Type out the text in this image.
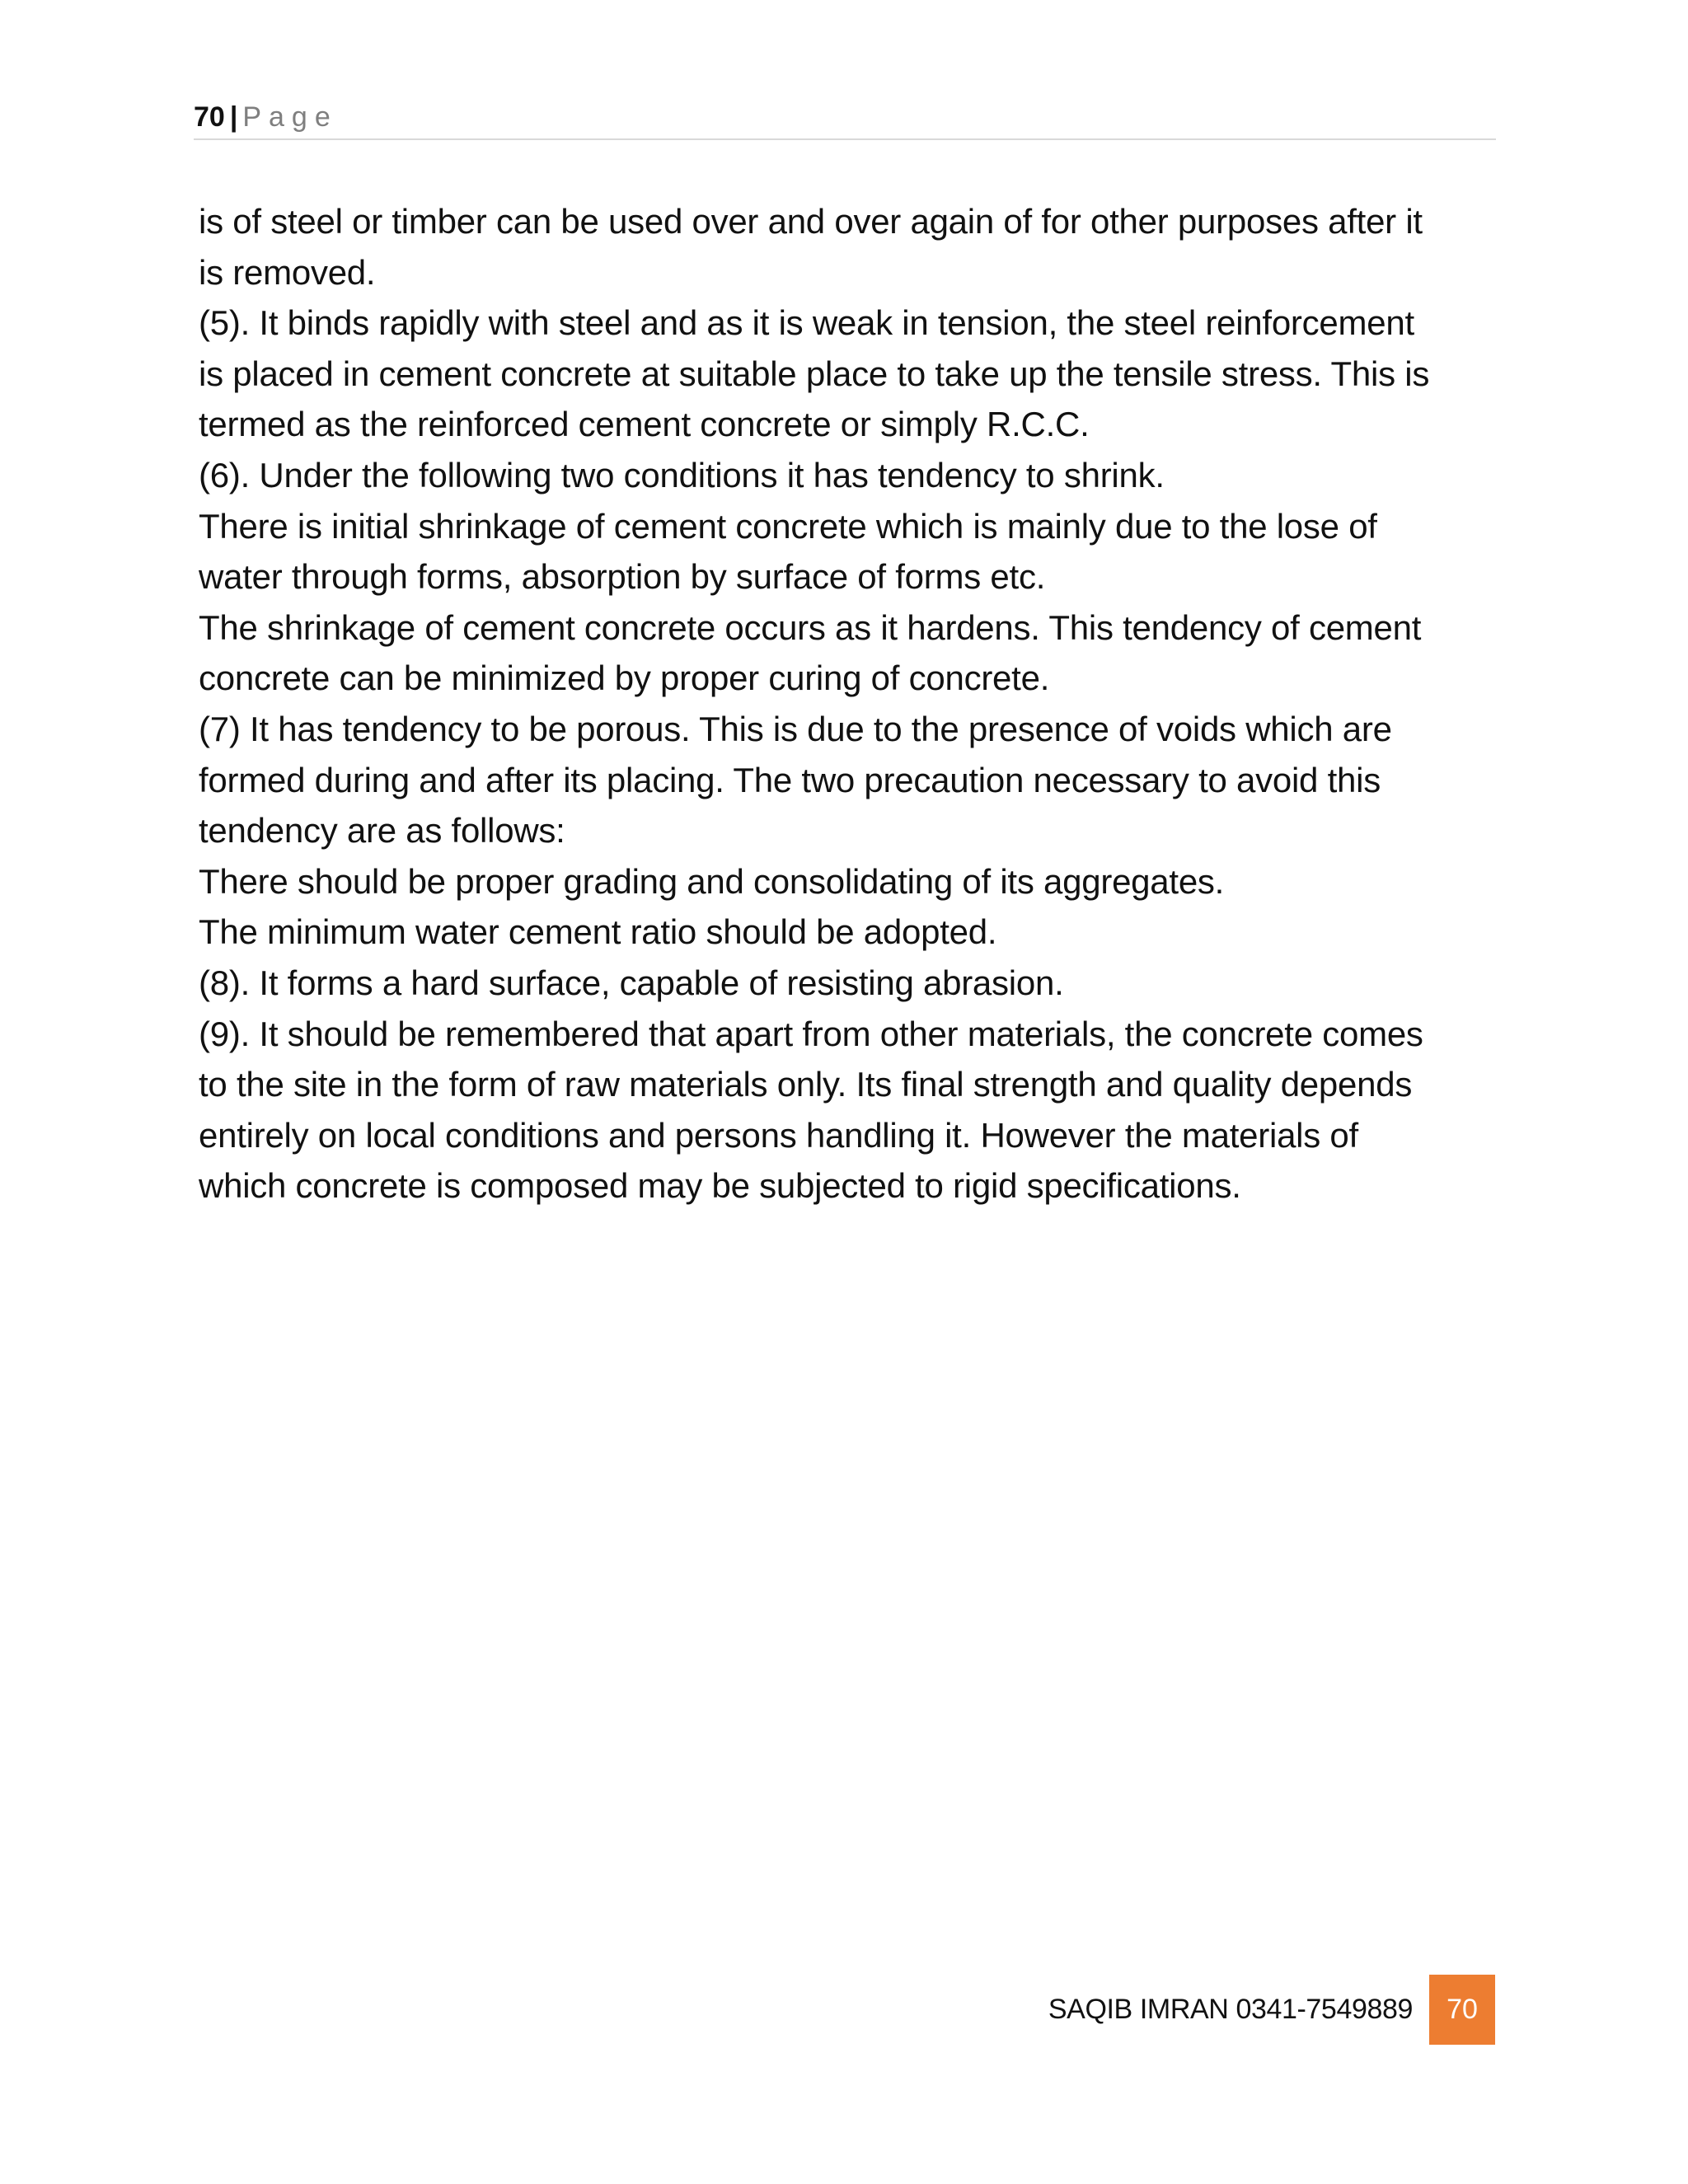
70 | Page
is of steel or timber can be used over and over again of for other purposes after it
is removed.
(5). It binds rapidly with steel and as it is weak in tension, the steel reinforcement
is placed in cement concrete at suitable place to take up the tensile stress. This is
termed as the reinforced cement concrete or simply R.C.C.
(6). Under the following two conditions it has tendency to shrink.
There is initial shrinkage of cement concrete which is mainly due to the lose of
water through forms, absorption by surface of forms etc.
The shrinkage of cement concrete occurs as it hardens. This tendency of cement
concrete can be minimized by proper curing of concrete.
(7) It has tendency to be porous. This is due to the presence of voids which are
formed during and after its placing. The two precaution necessary to avoid this
tendency are as follows:
There should be proper grading and consolidating of its aggregates.
The minimum water cement ratio should be adopted.
(8). It forms a hard surface, capable of resisting abrasion.
(9). It should be remembered that apart from other materials, the concrete comes
to the site in the form of raw materials only. Its final strength and quality depends
entirely on local conditions and persons handling it. However the materials of
which concrete is composed may be subjected to rigid specifications.
SAQIB IMRAN 0341-7549889	70
